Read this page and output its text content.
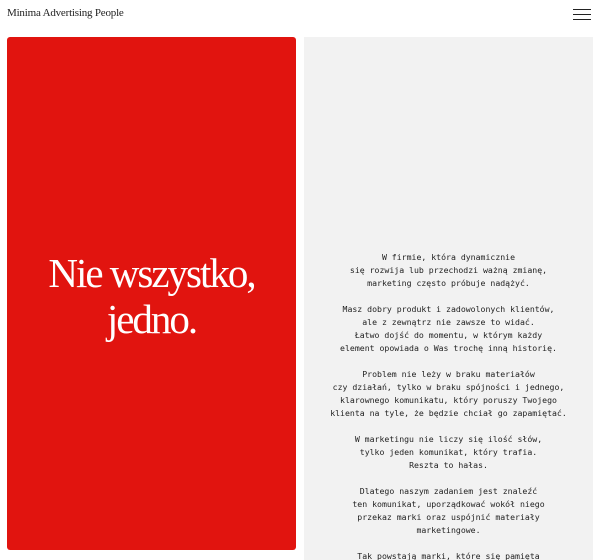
Minima Advertising People
Nie wszystko,
jedno.
W firmie, która dynamicznie
się rozwija lub przechodzi ważną zmianę,
marketing często próbuje nadążyć.
Masz dobry produkt i zadowolonych klientów,
ale z zewnątrz nie zawsze to widać.
Łatwo dojść do momentu, w którym każdy
element opowiada o Was trochę inną historię.
Problem nie leży w braku materiałów
czy działań, tylko w braku spójności i jednego,
klarownego komunikatu, który poruszy Twojego
klienta na tyle, że będzie chciał go zapamiętać.
W marketingu nie liczy się ilość słów,
tylko jeden komunikat, który trafia.
Reszta to hałas.
Dlatego naszym zadaniem jest znaleźć
ten komunikat, uporządkować wokół niego
przekaz marki oraz uspójnić materiały
marketingowe.
Tak powstają marki, które się pamięta
